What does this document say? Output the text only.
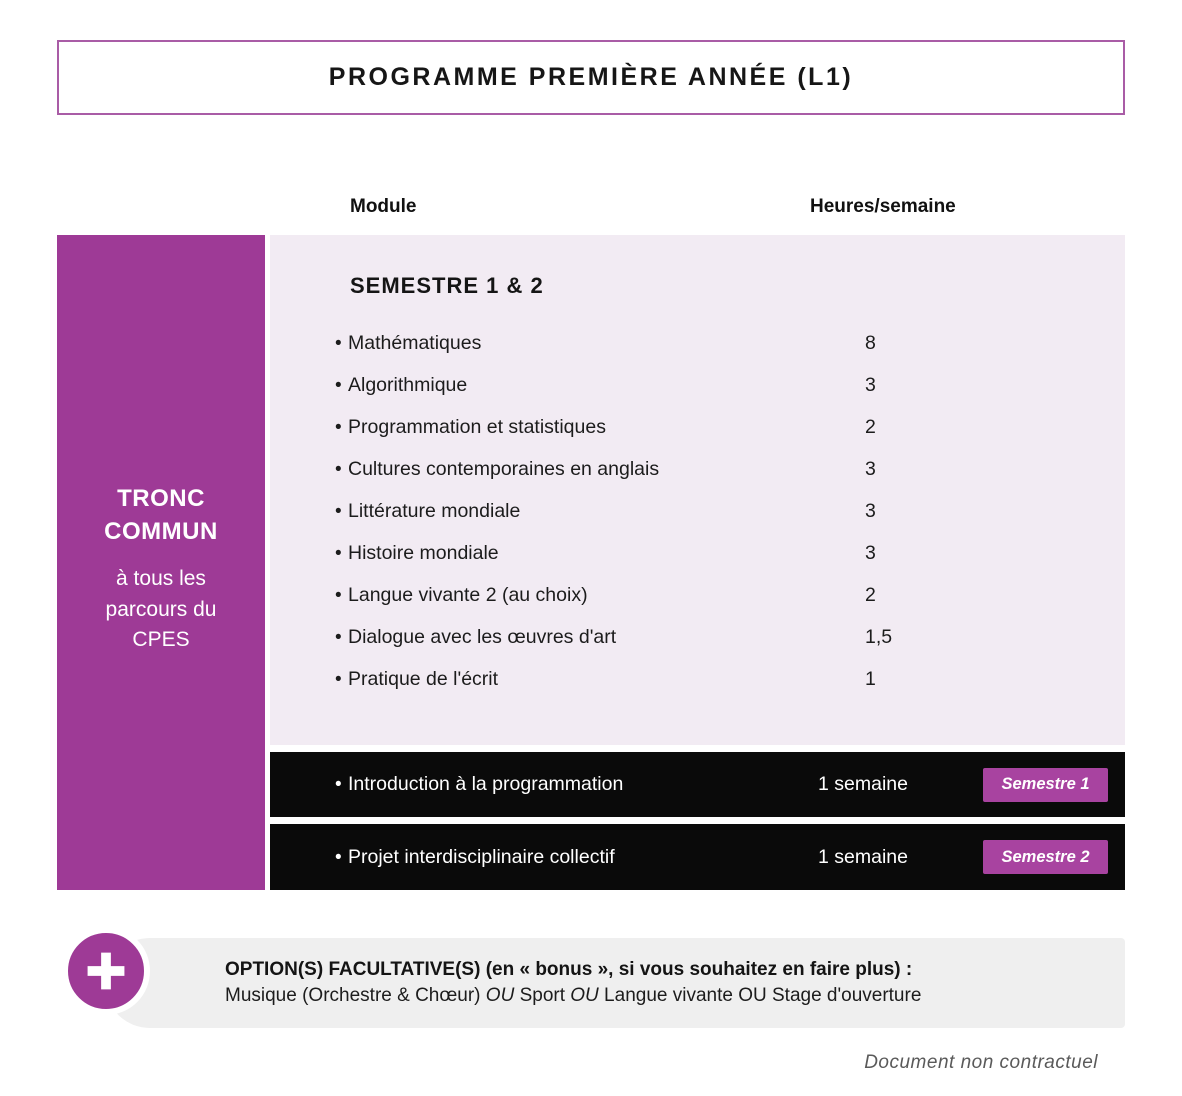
PROGRAMME PREMIÈRE ANNÉE (L1)
Module	Heures/semaine
TRONC COMMUN
à tous les parcours du CPES
SEMESTRE 1 & 2
•
Mathématiques	8
•
Algorithmique	3
•
Programmation et statistiques	2
•
Cultures contemporaines en anglais	3
•
Littérature mondiale	3
•
Histoire mondiale	3
•
Langue vivante 2 (au choix)	2
•
Dialogue avec les œuvres d'art	1,5
•
Pratique de l'écrit	1
•
Introduction à la programmation	1 semaine	Semestre 1
•
Projet interdisciplinaire collectif	1 semaine	Semestre 2
OPTION(S) FACULTATIVE(S) (en « bonus », si vous souhaitez en faire plus) :
Musique (Orchestre & Chœur) OU Sport OU Langue vivante OU Stage d'ouverture
Document non contractuel
